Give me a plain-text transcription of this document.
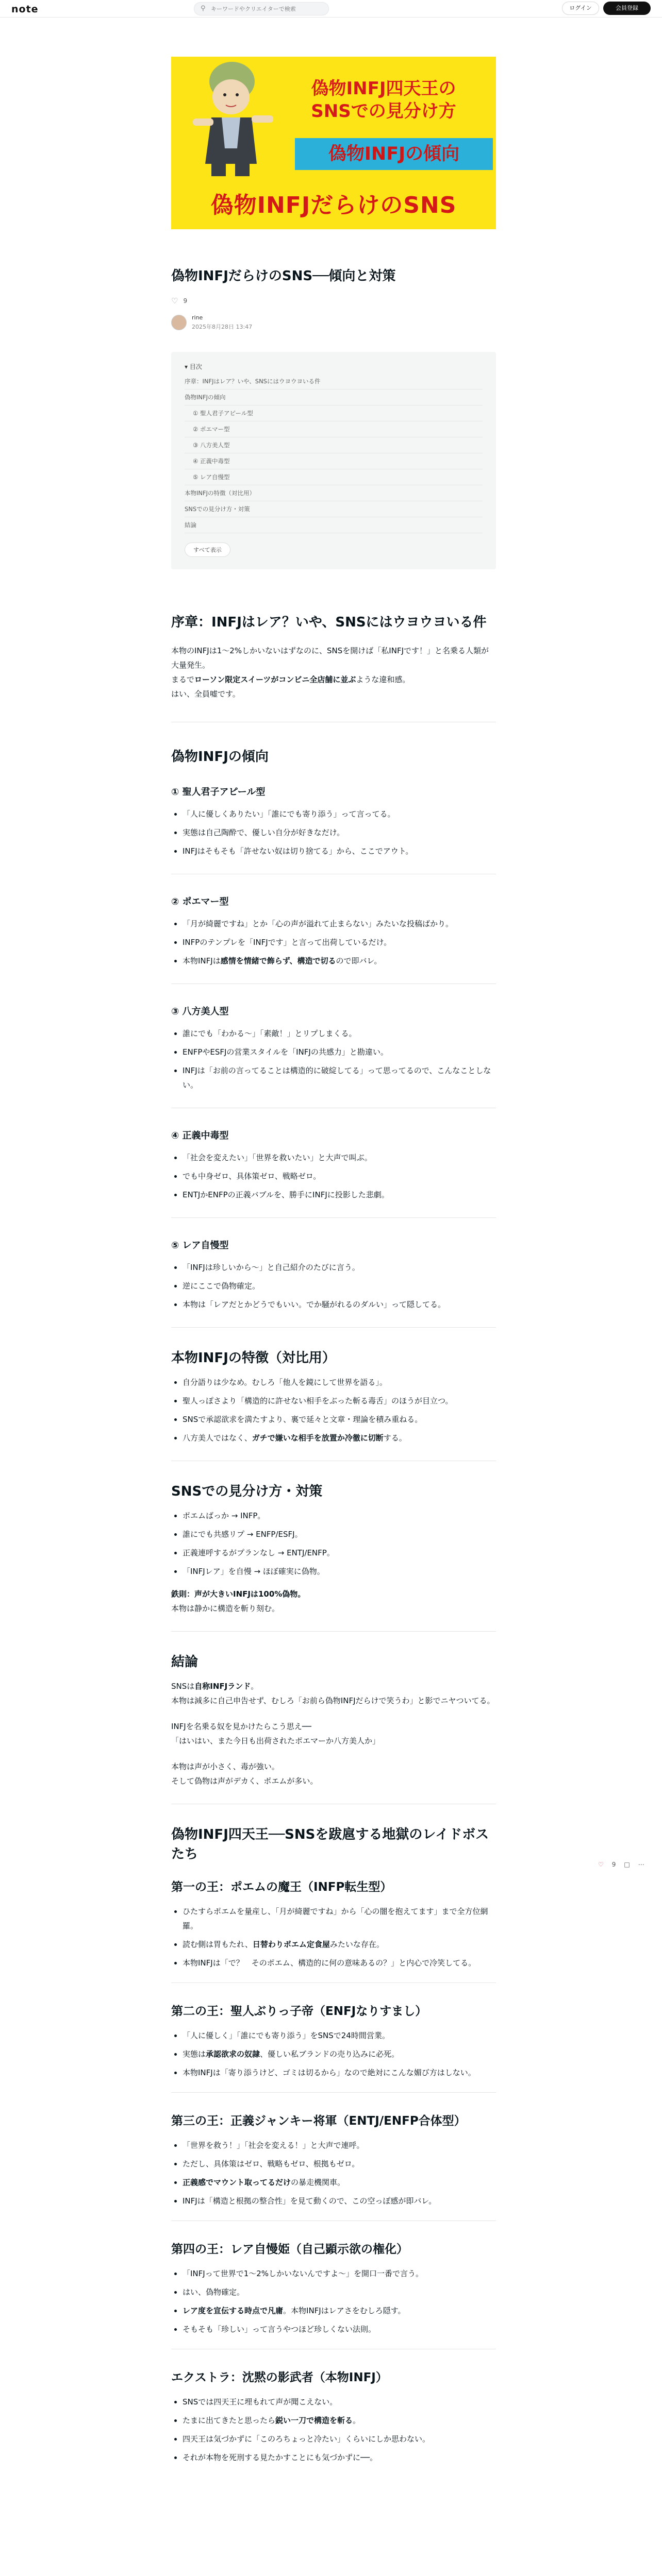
note	⚲
キーワードやクリエイターで検索	ログイン	会員登録
偽物INFJ四天王の
SNSでの見分け方
偽物INFJの傾向
偽物INFJだらけのSNS
偽物INFJだらけのSNS──傾向と対策
♡ 9
rine
2025年8月28日 13:47
▾ 目次
序章：INFJはレア？いや、SNSにはウヨウヨいる件
偽物INFJの傾向
① 聖人君子アピール型
② ポエマー型
③ 八方美人型
④ 正義中毒型
⑤ レア自慢型
本物INFJの特徴（対比用）
SNSでの見分け方・対策
結論
すべて表示
序章：INFJはレア？いや、SNSにはウヨウヨいる件

本物のINFJは1〜2%しかいないはずなのに、SNSを開けば「私INFJです！」と名乗る人類が大量発生。

まるでローソン限定スイーツがコンビニ全店舗に並ぶような違和感。

はい、全員嘘です。

偽物INFJの傾向
① 聖人君子アピール型
• 「人に優しくありたい」「誰にでも寄り添う」って言ってる。
• 実態は自己陶酔で、優しい自分が好きなだけ。
• INFJはそもそも「許せない奴は切り捨てる」から、ここでアウト。
② ポエマー型
• 「月が綺麗ですね」とか「心の声が溢れて止まらない」みたいな投稿ばかり。
• INFPのテンプレを「INFJです」と言って出荷しているだけ。
• 本物INFJは感情を情緒で飾らず、構造で切るので即バレ。
③ 八方美人型
• 誰にでも「わかる〜」「素敵！」とリプしまくる。
• ENFPやESFJの営業スタイルを「INFJの共感力」と勘違い。
• INFJは「お前の言ってることは構造的に破綻してる」って思ってるので、こんなことしない。
④ 正義中毒型
• 「社会を変えたい」「世界を救いたい」と大声で叫ぶ。
• でも中身ゼロ、具体策ゼロ、戦略ゼロ。
• ENTJかENFPの正義バブルを、勝手にINFJに投影した悲劇。
⑤ レア自慢型
• 「INFJは珍しいから〜」と自己紹介のたびに言う。
• 逆にここで偽物確定。
• 本物は「レアだとかどうでもいい。でか騒がれるのダルい」って隠してる。
本物INFJの特徴（対比用）
• 自分語りは少なめ。むしろ「他人を鏡にして世界を語る」。
• 聖人っぽさより「構造的に許せない相手をぶった斬る毒舌」のほうが目立つ。
• SNSで承認欲求を満たすより、裏で延々と文章・理論を積み重ねる。
• 八方美人ではなく、ガチで嫌いな相手を放置か冷徹に切断する。
SNSでの見分け方・対策
• ポエムばっか → INFP。
• 誰にでも共感リプ → ENFP/ESFJ。
• 正義連呼するがプランなし → ENTJ/ENFP。
• 「INFJレア」を自慢 → ほぼ確実に偽物。

鉄則：声が大きいINFJは100%偽物。

本物は静かに構造を斬り刻む。

結論

SNSは自称INFJランド。

本物は減多に自己申告せず、むしろ「お前ら偽物INFJだらけで笑うわ」と影でニヤついてる。

INFJを名乗る奴を見かけたらこう思え──

「はいはい、また今日も出荷されたポエマーか八方美人か」

本物は声が小さく、毒が強い。

そして偽物は声がデカく、ポエムが多い。

偽物INFJ四天王──SNSを跋扈する地獄のレイドボスたち
第一の王：ポエムの魔王（INFP転生型）
• ひたすらポエムを量産し、「月が綺麗ですね」から「心の闇を抱えてます」まで全方位網羅。
• 読む側は胃もたれ、日替わりポエム定食屋みたいな存在。
• 本物INFJは「で？　そのポエム、構造的に何の意味あるの？」と内心で冷笑してる。
第二の王：聖人ぶりっ子帝（ENFJなりすまし）
• 「人に優しく」「誰にでも寄り添う」をSNSで24時間営業。
• 実態は承認欲求の奴隷、優しい私ブランドの売り込みに必死。
• 本物INFJは「寄り添うけど、ゴミは切るから」なので絶対にこんな媚び方はしない。
第三の王：正義ジャンキー将軍（ENTJ/ENFP合体型）
• 「世界を救う！」「社会を変える！」と大声で連呼。
• ただし、具体策はゼロ、戦略もゼロ、根拠もゼロ。
• 正義感でマウント取ってるだけの暴走機関車。
• INFJは「構造と根拠の整合性」を見て動くので、この空っぽ感が即バレ。
第四の王：レア自慢姫（自己顕示欲の権化）
• 「INFJって世界で1〜2%しかいないんですよ〜」を開口一番で言う。
• はい、偽物確定。
• レア度を宣伝する時点で凡庸。本物INFJはレアさをむしろ隠す。
• そもそも「珍しい」って言うやつほど珍しくない法則。
エクストラ：沈黙の影武者（本物INFJ）
• SNSでは四天王に埋もれて声が聞こえない。
• たまに出てきたと思ったら鋭い一刀で構造を斬る。
• 四天王は気づかずに「このろちょっと冷たい」くらいにしか思わない。
• それが本物を死刑する見たかすことにも気づかずに──。
♡ 9 □ ⋯
